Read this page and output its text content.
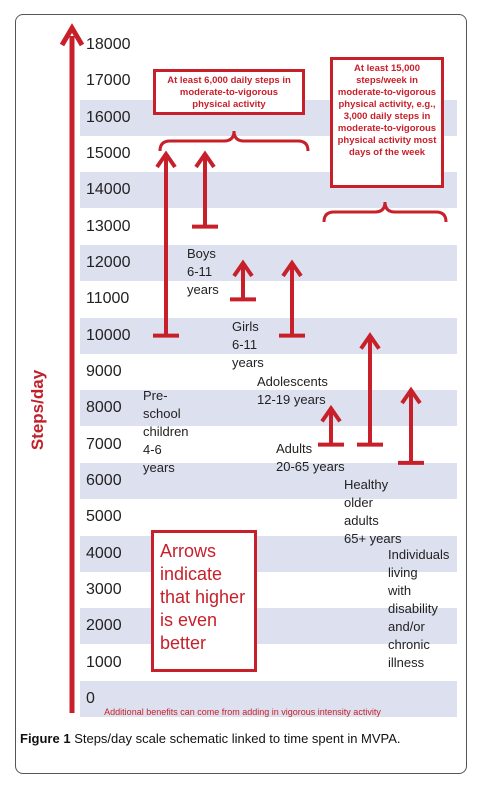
0
1000
2000
3000
4000
5000
6000
7000
8000
9000
10000
11000
12000
13000
14000
15000
16000
17000
18000
Steps/day	Pre-
school
children
4-6
years
Boys
6-11
years
Girls
6-11
years
Adolescents
12-19 years
Adults
20-65 years
Healthy
older
adults
65+ years
Individuals
living
with
disability
and/or
chronic
illness
At least 6,000 daily steps in moderate-to-vigorous physical activity
At least 15,000 steps/week in moderate-to-vigorous physical activity, e.g., 3,000 daily steps in moderate-to-vigorous physical activity most days of the week
Arrows indicate that higher is even better
Additional benefits can come from adding in vigorous intensity activity
Figure 1 Steps/day scale schematic linked to time spent in MVPA.
